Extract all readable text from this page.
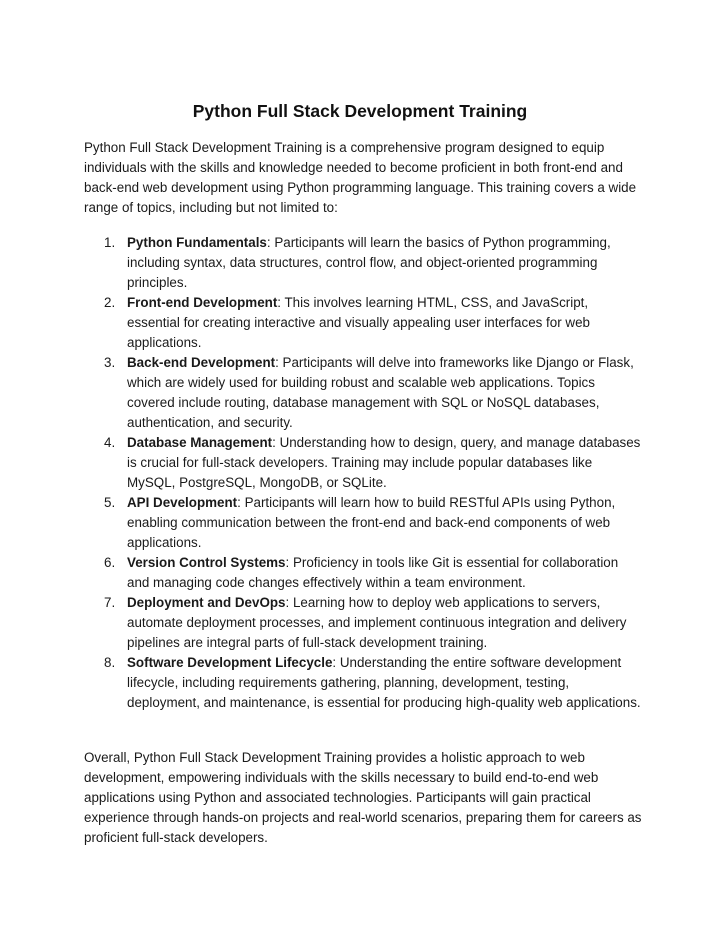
Python Full Stack Development Training
Python Full Stack Development Training is a comprehensive program designed to equip individuals with the skills and knowledge needed to become proficient in both front-end and back-end web development using Python programming language. This training covers a wide range of topics, including but not limited to:
1. Python Fundamentals: Participants will learn the basics of Python programming, including syntax, data structures, control flow, and object-oriented programming principles.
2. Front-end Development: This involves learning HTML, CSS, and JavaScript, essential for creating interactive and visually appealing user interfaces for web applications.
3. Back-end Development: Participants will delve into frameworks like Django or Flask, which are widely used for building robust and scalable web applications. Topics covered include routing, database management with SQL or NoSQL databases, authentication, and security.
4. Database Management: Understanding how to design, query, and manage databases is crucial for full-stack developers. Training may include popular databases like MySQL, PostgreSQL, MongoDB, or SQLite.
5. API Development: Participants will learn how to build RESTful APIs using Python, enabling communication between the front-end and back-end components of web applications.
6. Version Control Systems: Proficiency in tools like Git is essential for collaboration and managing code changes effectively within a team environment.
7. Deployment and DevOps: Learning how to deploy web applications to servers, automate deployment processes, and implement continuous integration and delivery pipelines are integral parts of full-stack development training.
8. Software Development Lifecycle: Understanding the entire software development lifecycle, including requirements gathering, planning, development, testing, deployment, and maintenance, is essential for producing high-quality web applications.
Overall, Python Full Stack Development Training provides a holistic approach to web development, empowering individuals with the skills necessary to build end-to-end web applications using Python and associated technologies. Participants will gain practical experience through hands-on projects and real-world scenarios, preparing them for careers as proficient full-stack developers.
